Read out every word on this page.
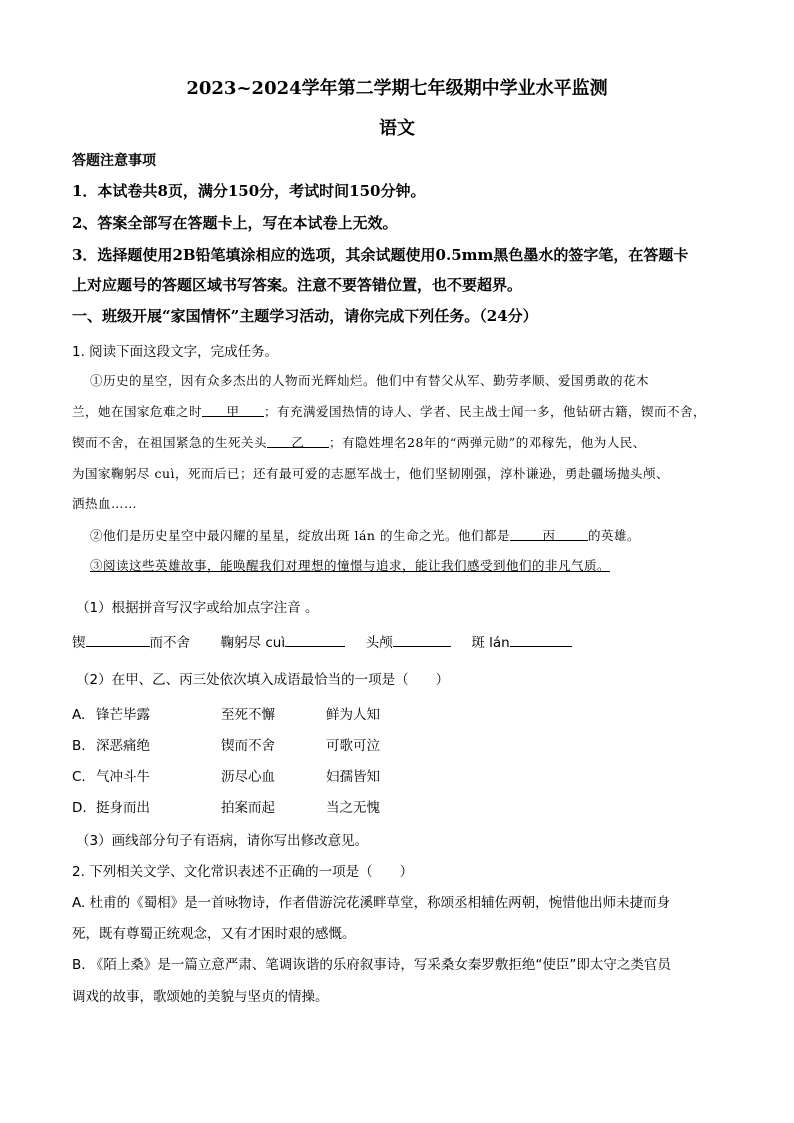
2023~2024学年第二学期七年级期中学业水平监测
语文
答题注意事项
1．本试卷共8页，满分150分，考试时间150分钟。
2、答案全部写在答题卡上，写在本试卷上无效。
3．选择题使用2B铅笔填涂相应的选项，其余试题使用0.5mm黑色墨水的签字笔，在答题卡
上对应题号的答题区域书写答案。注意不要答错位置，也不要超界。
一、班级开展“家国情怀”主题学习活动，请你完成下列任务。（24分）
1. 阅读下面这段文字，完成任务。
①历史的星空，因有众多杰出的人物而光辉灿烂。他们中有替父从军、勤劳孝顺、爱国勇敢的花木
兰，她在国家危难之时 甲 ；有充满爱国热情的诗人、学者、民主战士闻一多，他钻研古籍，锲而不舍，
锲而不舍，在祖国紧急的生死关头 乙 ；有隐姓埋名28年的“两弹元勋”的邓稼先，他为人民、
为国家鞠躬尽 cuì，死而后已；还有最可爱的志愿军战士，他们坚韧刚强，淳朴谦逊，勇赴疆场抛头颅、
洒热血……
②他们是历史星空中最闪耀的星星，绽放出斑 lán 的生命之光。他们都是	丙	的英雄。
③阅读这些英雄故事，能唤醒我们对理想的憧憬与追求，能让我们感受到他们的非凡气质。
（1）根据拼音写汉字或给加点字注音 。
锲	而不舍 鞠躬尽 cuì	头颅	斑 lán
（2）在甲、乙、丙三处依次填入成语最恰当的一项是（　　）
A. 锋芒毕露	至死不懈	鲜为人知
B. 深恶痛绝	锲而不舍	可歌可泣
C. 气冲斗牛	沥尽心血	妇孺皆知
D. 挺身而出	拍案而起	当之无愧
（3）画线部分句子有语病，请你写出修改意见。
2. 下列相关文学、文化常识表述不正确的一项是（　　）
A. 杜甫的《蜀相》是一首咏物诗，作者借游浣花溪畔草堂，称颂丞相辅佐两朝，惋惜他出师未捷而身
死，既有尊蜀正统观念，又有才困时艰的感慨。
B. 《陌上桑》是一篇立意严肃、笔调诙谐的乐府叙事诗，写采桑女秦罗敷拒绝“使臣”即太守之类官员
调戏的故事，歌颂她的美貌与坚贞的情操。
